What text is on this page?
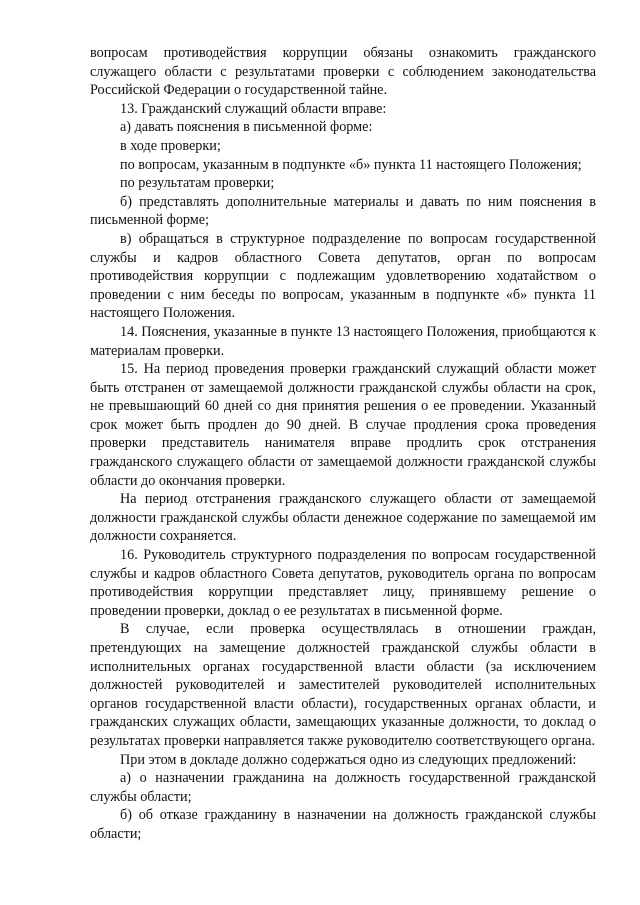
вопросам противодействия коррупции обязаны ознакомить гражданского служащего области с результатами проверки с соблюдением законодательства Российской Федерации о государственной тайне.

13. Гражданский служащий области вправе:

а) давать пояснения в письменной форме:

в ходе проверки;

по вопросам, указанным в подпункте «б» пункта 11 настоящего Положения;

по результатам проверки;

б) представлять дополнительные материалы и давать по ним пояснения в письменной форме;

в) обращаться в структурное подразделение по вопросам государственной службы и кадров областного Совета депутатов, орган по вопросам противодействия коррупции с подлежащим удовлетворению ходатайством о проведении с ним беседы по вопросам, указанным в подпункте «б» пункта 11 настоящего Положения.

14. Пояснения, указанные в пункте 13 настоящего Положения, приобщаются к материалам проверки.

15. На период проведения проверки гражданский служащий области может быть отстранен от замещаемой должности гражданской службы области на срок, не превышающий 60 дней со дня принятия решения о ее проведении. Указанный срок может быть продлен до 90 дней. В случае продления срока проведения проверки представитель нанимателя вправе продлить срок отстранения гражданского служащего области от замещаемой должности гражданской службы области до окончания проверки.

На период отстранения гражданского служащего области от замещаемой должности гражданской службы области денежное содержание по замещаемой им должности сохраняется.

16. Руководитель структурного подразделения по вопросам государственной службы и кадров областного Совета депутатов, руководитель органа по вопросам противодействия коррупции представляет лицу, принявшему решение о проведении проверки, доклад о ее результатах в письменной форме.

В случае, если проверка осуществлялась в отношении граждан, претендующих на замещение должностей гражданской службы области в исполнительных органах государственной власти области (за исключением должностей руководителей и заместителей руководителей исполнительных органов государственной власти области), государственных органах области, и гражданских служащих области, замещающих указанные должности, то доклад о результатах проверки направляется также руководителю соответствующего органа.

При этом в докладе должно содержаться одно из следующих предложений:

а) о назначении гражданина на должность государственной гражданской службы области;

б) об отказе гражданину в назначении на должность гражданской службы области;
